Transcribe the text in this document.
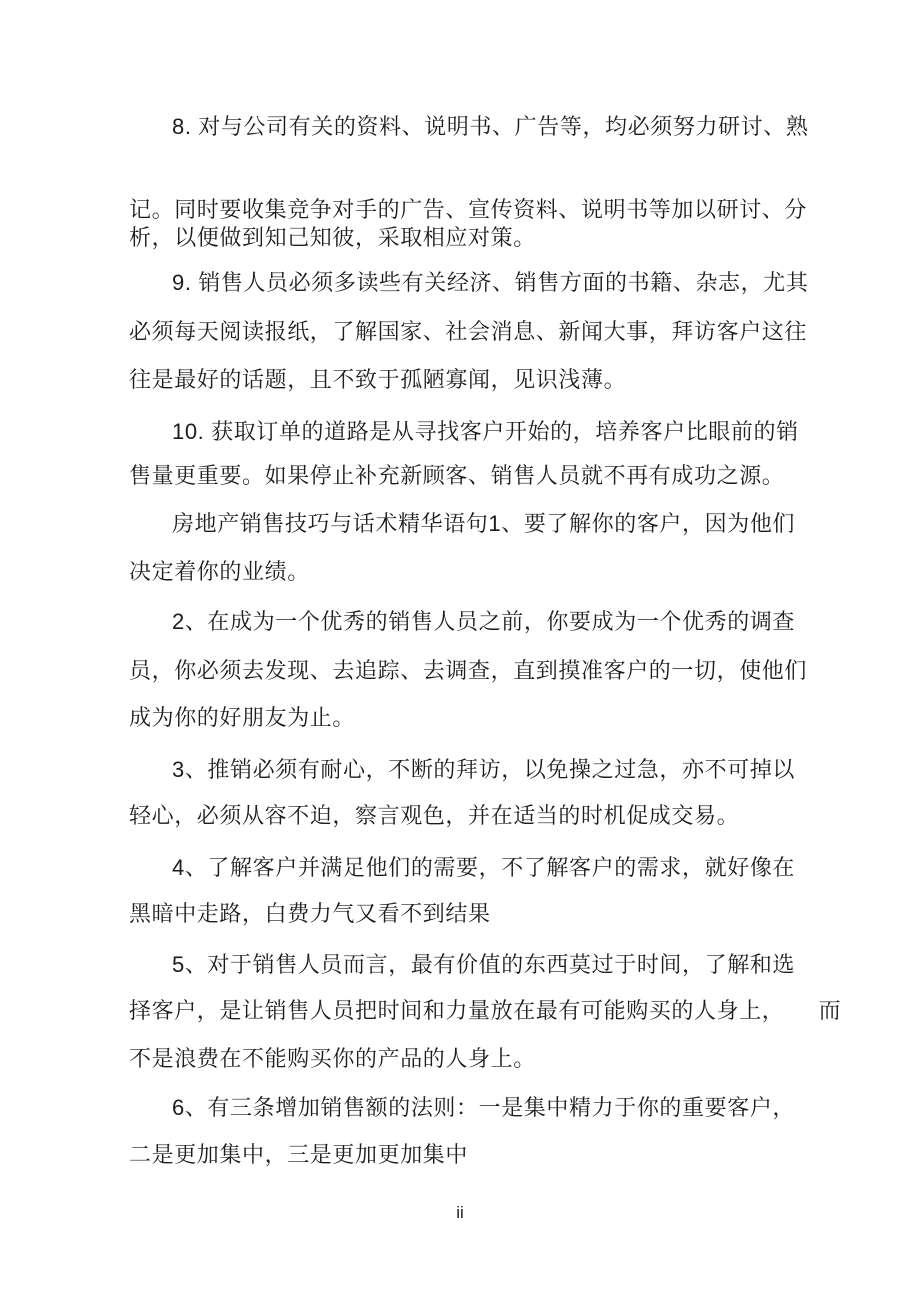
8. 对与公司有关的资料、说明书、广告等，均必须努力研讨、熟
记。同时要收集竞争对手的广告、宣传资料、说明书等加以研讨、分
析，以便做到知己知彼，采取相应对策。
9. 销售人员必须多读些有关经济、销售方面的书籍、杂志，尤其
必须每天阅读报纸，了解国家、社会消息、新闻大事，拜访客户这往
往是最好的话题，且不致于孤陋寡闻，见识浅薄。
10. 获取订单的道路是从寻找客户开始的，培养客户比眼前的销
售量更重要。如果停止补充新顾客、销售人员就不再有成功之源。
房地产销售技巧与话术精华语句1、要了解你的客户，因为他们
决定着你的业绩。
2、在成为一个优秀的销售人员之前，你要成为一个优秀的调查
员，你必须去发现、去追踪、去调查，直到摸准客户的一切，使他们
成为你的好朋友为止。
3、推销必须有耐心，不断的拜访，以免操之过急，亦不可掉以
轻心，必须从容不迫，察言观色，并在适当的时机促成交易。
4、了解客户并满足他们的需要，不了解客户的需求，就好像在
黑暗中走路，白费力气又看不到结果
5、对于销售人员而言，最有价值的东西莫过于时间，了解和选
择客户，是让销售人员把时间和力量放在最有可能购买的人身上，　　而
不是浪费在不能购买你的产品的人身上。
6、有三条增加销售额的法则：一是集中精力于你的重要客户，
二是更加集中，三是更加更加集中
ii
